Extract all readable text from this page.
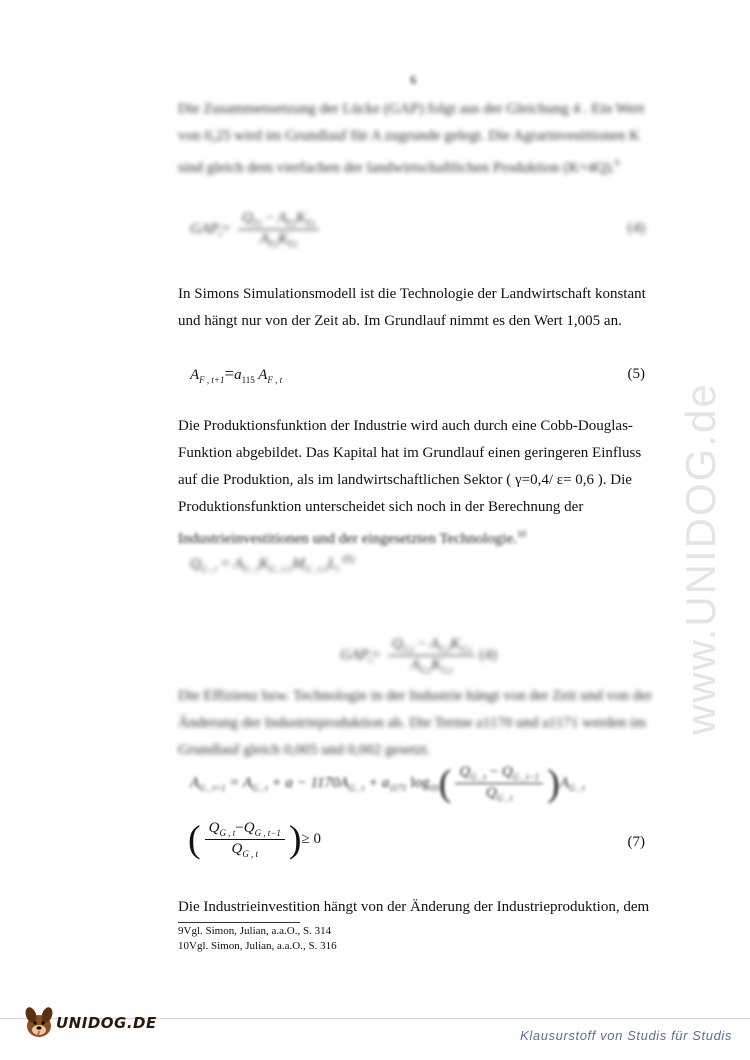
6
Die Zusammensetzung der Lücke (GAP) folgt aus der Gleichung 4 . Ein Wert
von 0,25 wird im Grundlauf für A zugrunde gelegt. Die Agrarinvestitionen K
sind gleich dem vierfachen der landwirtschaftlichen Produktion (K=4Q).$^9$
$GAP_t= \frac{Q_{F,t} - A_{F,t}K_{F,t}}{A_{F,t}K_{F,t}}$	(4)
In Simons Simulationsmodell ist die Technologie der Landwirtschaft konstant
und hängt nur von der Zeit ab. Im Grundlauf nimmt es den Wert 1,005 an.
$A_{F , t+1}=a_{115}$ $A_{F , t}$	(5)
Die Produktionsfunktion der Industrie wird auch durch eine Cobb-Douglas-
Funktion abgebildet. Das Kapital hat im Grundlauf einen geringeren Einfluss
auf die Produktion, als im landwirtschaftlichen Sektor ( γ=0,4/ ε= 0,6 ). Die
Produktionsfunktion unterscheidet sich noch in der Berechnung der
Industrieinvestitionen und der eingesetzten Technologie.$^{10}$
$Q_{G , t} = A_{G , t}K_{G , t-1}M_{G , t-1}L_t$ $^{(6)}$
$GAP_t= \frac{Q_{G,t} - A_{G,t}K_{G,t}}{A_{G,t}K_{G,t}} (4)$
Die Effizienz bzw. Technologie in der Industrie hängt von der Zeit und von der
Änderung der Industrieproduktion ab. Die Terme a1170 und a1171 werden im
Grundlauf gleich 0,005 und 0,002 gesetzt.
$A_{G , t+1} = A_{G , t} + a - 1170A_{G , t} + a_{1171}$ $\log_{10}( \frac{Q_{G , t} - Q_{G , t-1}}{Q_{G , t}} )A_{G , t}$
( $\frac{Q_{G , t}-Q_{G , t-1}}{Q_{G , t}}$ )≥ 0	(7)
Die Industrieinvestition hängt von der Änderung der Industrieproduktion, dem
9Vgl. Simon, Julian, a.a.O., S. 314
10Vgl. Simon, Julian, a.a.O., S. 316
www.UNIDOG.de
UNIDOG.DE
Klausurstoff von Studis für Studis
